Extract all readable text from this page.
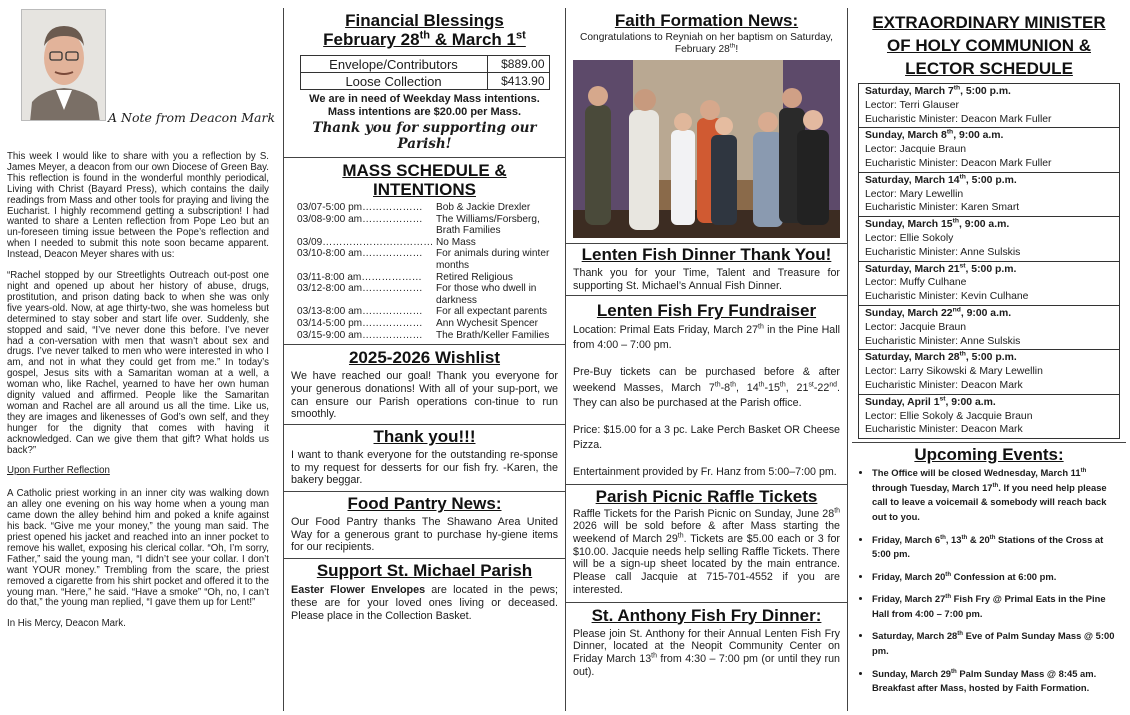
A Note from Deacon Mark

This week I would like to share with you a reflection by S. James Meyer, a deacon from our own Diocese of Green Bay. This reflection is found in the wonderful monthly periodical, Living with Christ (Bayard Press), which contains the daily readings from Mass and other tools for praying and living the Eucharist. I highly recommend getting a subscription! I had wanted to share a Lenten reflection from Pope Leo but an un-foreseen timing issue between the Pope’s reflection and when I needed to submit this note soon became apparent. Instead, Deacon Meyer shares with us:

“Rachel stopped by our Streetlights Outreach out-post one night and opened up about her history of abuse, drugs, prostitution, and prison dating back to when she was only five years-old. Now, at age thirty-two, she was homeless but determined to stay sober and start life over. Suddenly, she stopped and said, “I’ve never done this before. I’ve never had a con-versation with men that wasn’t about sex and drugs. I’ve never talked to men who were interested in who I am, and not in what they could get from me.” In today’s gospel, Jesus sits with a Samaritan woman at a well, a woman who, like Rachel, yearned to have her own human dignity valued and affirmed. People like the Samaritan woman and Rachel are all around us all the time. Like us, they are images and likenesses of God’s own self, and they hunger for the dignity that comes with having it acknowledged. Can we give them that gift? What holds us back?”

Upon Further Reflection

A Catholic priest working in an inner city was walking down an alley one evening on his way home when a young man came down the alley behind him and poked a knife against his back. “Give me your money,” the young man said. The priest opened his jacket and reached into an inner pocket to remove his wallet, exposing his clerical collar. “Oh, I’m sorry, Father,” said the young man, “I didn’t see your collar. I don’t want YOUR money.” Trembling from the scare, the priest removed a cigarette from his shirt pocket and offered it to the young man. “Here,” he said. “Have a smoke” “Oh, no, I can’t do that,” the young man replied, “I gave them up for Lent!”

In His Mercy, Deacon Mark.

Financial Blessings
February 28th & March 1st
Envelope/Contributors	$889.00
Loose Collection	$413.90
We are in need of Weekday Mass intentions.
Mass intentions are $20.00 per Mass.
Thank you for supporting our Parish!
MASS SCHEDULE &
INTENTIONS
03/07-5:00 pm………………	Bob & Jackie Drexler
03/08-9:00 am………………	The Williams/Forsberg, Brath Families
03/09…………………………… No Mass
03/10-8:00 am………………	For animals during winter months
03/11-8:00 am………………	Retired Religious
03/12-8:00 am………………	For those who dwell in darkness
03/13-8:00 am………………	For all expectant parents
03/14-5:00 pm………………	Ann Wychesit Spencer
03/15-9:00 am………………	The Brath/Keller Families
2025-2026 Wishlist
We have reached our goal! Thank you everyone for your generous donations! With all of your sup-port, we can ensure our Parish operations con-tinue to run smoothly.
Thank you!!!
I want to thank everyone for the outstanding re-sponse to my request for desserts for our fish fry. -Karen, the bakery beggar.
Food Pantry News:
Our Food Pantry thanks The Shawano Area United Way for a generous grant to purchase hy-giene items for our recipients.
Support St. Michael Parish
Easter Flower Envelopes are located in the pews; these are for your loved ones living or deceased. Please place in the Collection Basket.
Faith Formation News:
Congratulations to Reyniah on her baptism on Saturday, February 28th!
Lenten Fish Dinner Thank You!
Thank you for your Time, Talent and Treasure for supporting St. Michael’s Annual Fish Dinner.
Lenten Fish Fry Fundraiser

Location: Primal Eats Friday, March 27th in the Pine Hall from 4:00 – 7:00 pm.

Pre-Buy tickets can be purchased before & after weekend Masses, March 7th-8th, 14th-15th, 21st-22nd. They can also be purchased at the Parish office.

Price: $15.00 for a 3 pc. Lake Perch Basket OR Cheese Pizza.

Entertainment provided by Fr. Hanz from 5:00–7:00 pm.

Parish Picnic Raffle Tickets
Raffle Tickets for the Parish Picnic on Sunday, June 28th 2026 will be sold before & after Mass starting the weekend of March 29th. Tickets are $5.00 each or 3 for $10.00. Jacquie needs help selling Raffle Tickets. There will be a sign-up sheet located by the main entrance. Please call Jacquie at 715-701-4552 if you are interested.
St. Anthony Fish Fry Dinner:
Please join St. Anthony for their Annual Lenten Fish Fry Dinner, located at the Neopit Community Center on Friday March 13th from 4:30 – 7:00 pm (or until they run out).
EXTRAORDINARY MINISTER
OF HOLY COMMUNION &
LECTOR SCHEDULE
Saturday, March 7th, 5:00 p.m.
Lector: Terri Glauser
Eucharistic Minister: Deacon Mark Fuller
Sunday, March 8th, 9:00 a.m.
Lector: Jacquie Braun
Eucharistic Minister: Deacon Mark Fuller
Saturday, March 14th, 5:00 p.m.
Lector: Mary Lewellin
Eucharistic Minister: Karen Smart
Sunday, March 15th, 9:00 a.m.
Lector: Ellie Sokoly
Eucharistic Minister: Anne Sulskis
Saturday, March 21st, 5:00 p.m.
Lector: Muffy Culhane
Eucharistic Minister: Kevin Culhane
Sunday, March 22nd, 9:00 a.m.
Lector: Jacquie Braun
Eucharistic Minister: Anne Sulskis
Saturday, March 28th, 5:00 p.m.
Lector: Larry Sikowski & Mary Lewellin
Eucharistic Minister: Deacon Mark
Sunday, April 1st, 9:00 a.m.
Lector: Ellie Sokoly & Jacquie Braun
Eucharistic Minister: Deacon Mark
Upcoming Events:
• The Office will be closed Wednesday, March 11th through Tuesday, March 17th. If you need help please call to leave a voicemail & somebody will reach back out to you.
• Friday, March 6th, 13th & 20th Stations of the Cross at 5:00 pm.
• Friday, March 20th Confession at 6:00 pm.
• Friday, March 27th Fish Fry @ Primal Eats in the Pine Hall from 4:00 – 7:00 pm.
• Saturday, March 28th Eve of Palm Sunday Mass @ 5:00 pm.
• Sunday, March 29th Palm Sunday Mass @ 8:45 am. Breakfast after Mass, hosted by Faith Formation.
